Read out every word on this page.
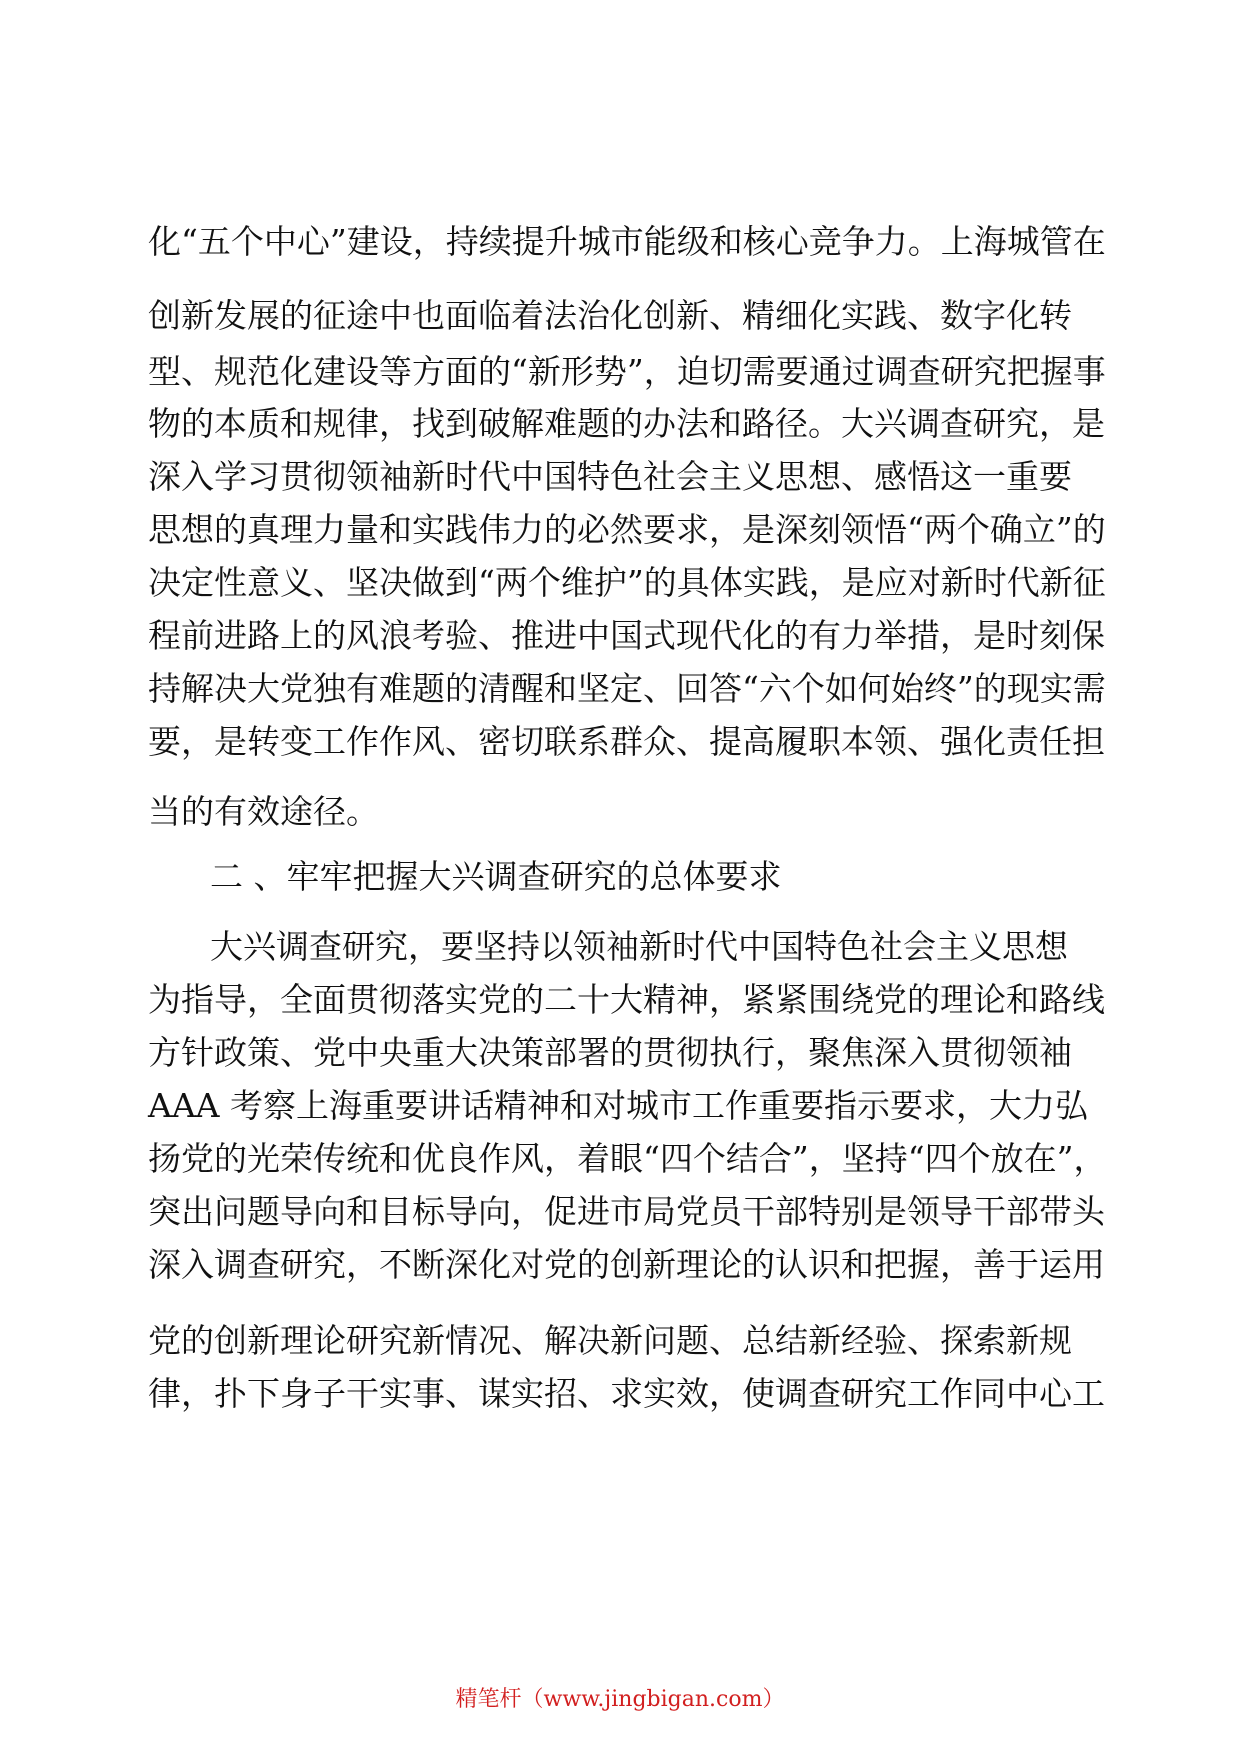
化“五个中心”建设，持续提升城市能级和核心竞争力。上海城管在
创新发展的征途中也面临着法治化创新、精细化实践、数字化转
型、规范化建设等方面的“新形势”，迫切需要通过调查研究把握事
物的本质和规律，找到破解难题的办法和路径。大兴调查研究，是
深入学习贯彻领袖新时代中国特色社会主义思想、感悟这一重要
思想的真理力量和实践伟力的必然要求，是深刻领悟“两个确立”的
决定性意义、坚决做到“两个维护”的具体实践，是应对新时代新征
程前进路上的风浪考验、推进中国式现代化的有力举措，是时刻保
持解决大党独有难题的清醒和坚定、回答“六个如何始终”的现实需
要，是转变工作作风、密切联系群众、提高履职本领、强化责任担
当的有效途径。
二 、牢牢把握大兴调查研究的总体要求
大兴调查研究，要坚持以领袖新时代中国特色社会主义思想
为指导，全面贯彻落实党的二十大精神，紧紧围绕党的理论和路线
方针政策、党中央重大决策部署的贯彻执行，聚焦深入贯彻领袖
AAA 考察上海重要讲话精神和对城市工作重要指示要求，大力弘
扬党的光荣传统和优良作风，着眼“四个结合”，坚持“四个放在”，
突出问题导向和目标导向，促进市局党员干部特别是领导干部带头
深入调查研究，不断深化对党的创新理论的认识和把握，善于运用
党的创新理论研究新情况、解决新问题、总结新经验、探索新规
律，扑下身子干实事、谋实招、求实效，使调查研究工作同中心工
精笔杆（www.jingbigan.com）
